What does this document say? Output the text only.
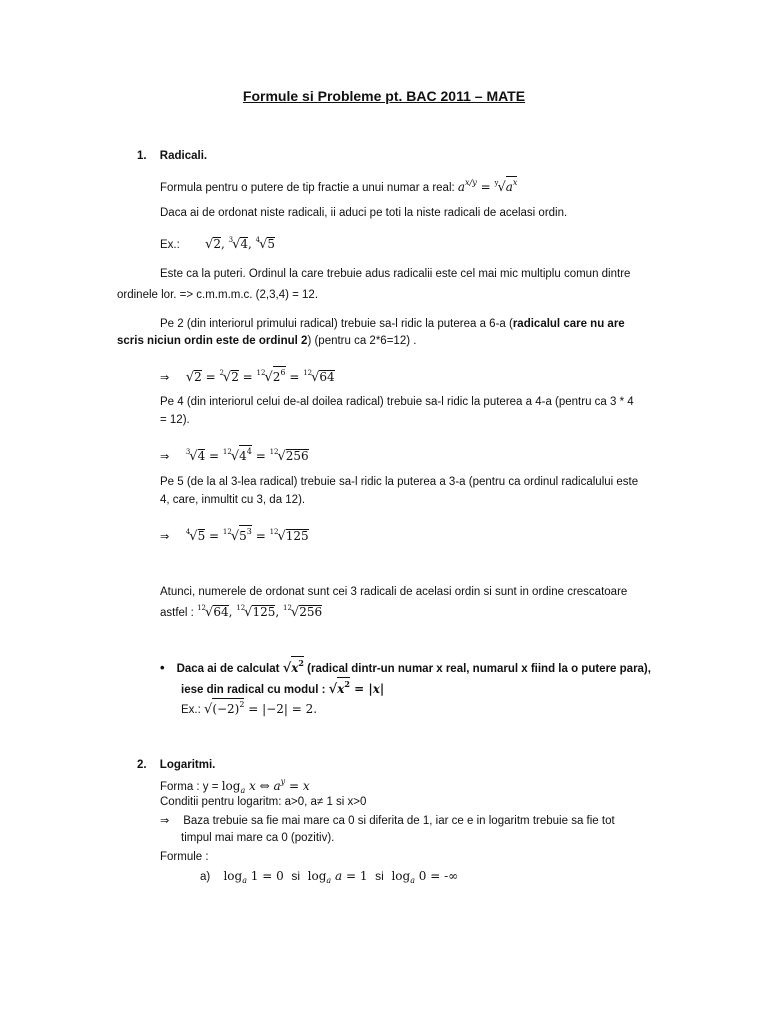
Formule si Probleme pt. BAC 2011 – MATE
1. Radicali.
Formula pentru o putere de tip fractie a unui numar a real: $a^{x/y} = ^y√a^x$
Daca ai de ordonat niste radicali, ii aduci pe toti la niste radicali de acelasi ordin.
Ex.: √2, $^3$√4, $^4$√5
Este ca la puteri. Ordinul la care trebuie adus radicalii este cel mai mic multiplu comun dintre
ordinele lor. => c.m.m.m.c. (2,3,4) = 12.
Pe 2 (din interiorul primului radical) trebuie sa-l ridic la puterea a 6-a (radicalul care nu are
scris niciun ordin este de ordinul 2) (pentru ca 2*6=12) .
⇒ $√2 = ^2√2 = ^{12}√2^6 = ^{12}√64$
Pe 4 (din interiorul celui de-al doilea radical) trebuie sa-l ridic la puterea a 4-a (pentru ca 3 * 4
= 12).
⇒ $^3√4 = ^{12}√4^4 = ^{12}√256$
Pe 5 (de la al 3-lea radical) trebuie sa-l ridic la puterea a 3-a (pentru ca ordinul radicalului este
4, care, inmultit cu 3, da 12).
⇒ $^4√5 = ^{12}√5^3 = ^{12}√125$
Atunci, numerele de ordonat sunt cei 3 radicali de acelasi ordin si sunt in ordine crescatoare
astfel : $^{12}$√64, $^{12}$√125, $^{12}$√256
• Daca ai de calculat $√x^2$ (radical dintr-un numar x real, numarul x fiind la o putere para),
iese din radical cu modul : $√x^2 = |x|$
Ex.: $√(-2)^2 = |-2| = 2$.
2. Logaritmi.
Forma : $y = \log_a x$ ⇔ $a^y = x$
Conditii pentru logaritm: a>0, a≠ 1 si x>0
⇒ Baza trebuie sa fie mai mare ca 0 si diferita de 1, iar ce e in logaritm trebuie sa fie tot
timpul mai mare ca 0 (pozitiv).
Formule :
a) $\log_a 1 = 0$  si  $\log_a a = 1$  si  $\log_a 0$ = -∞
